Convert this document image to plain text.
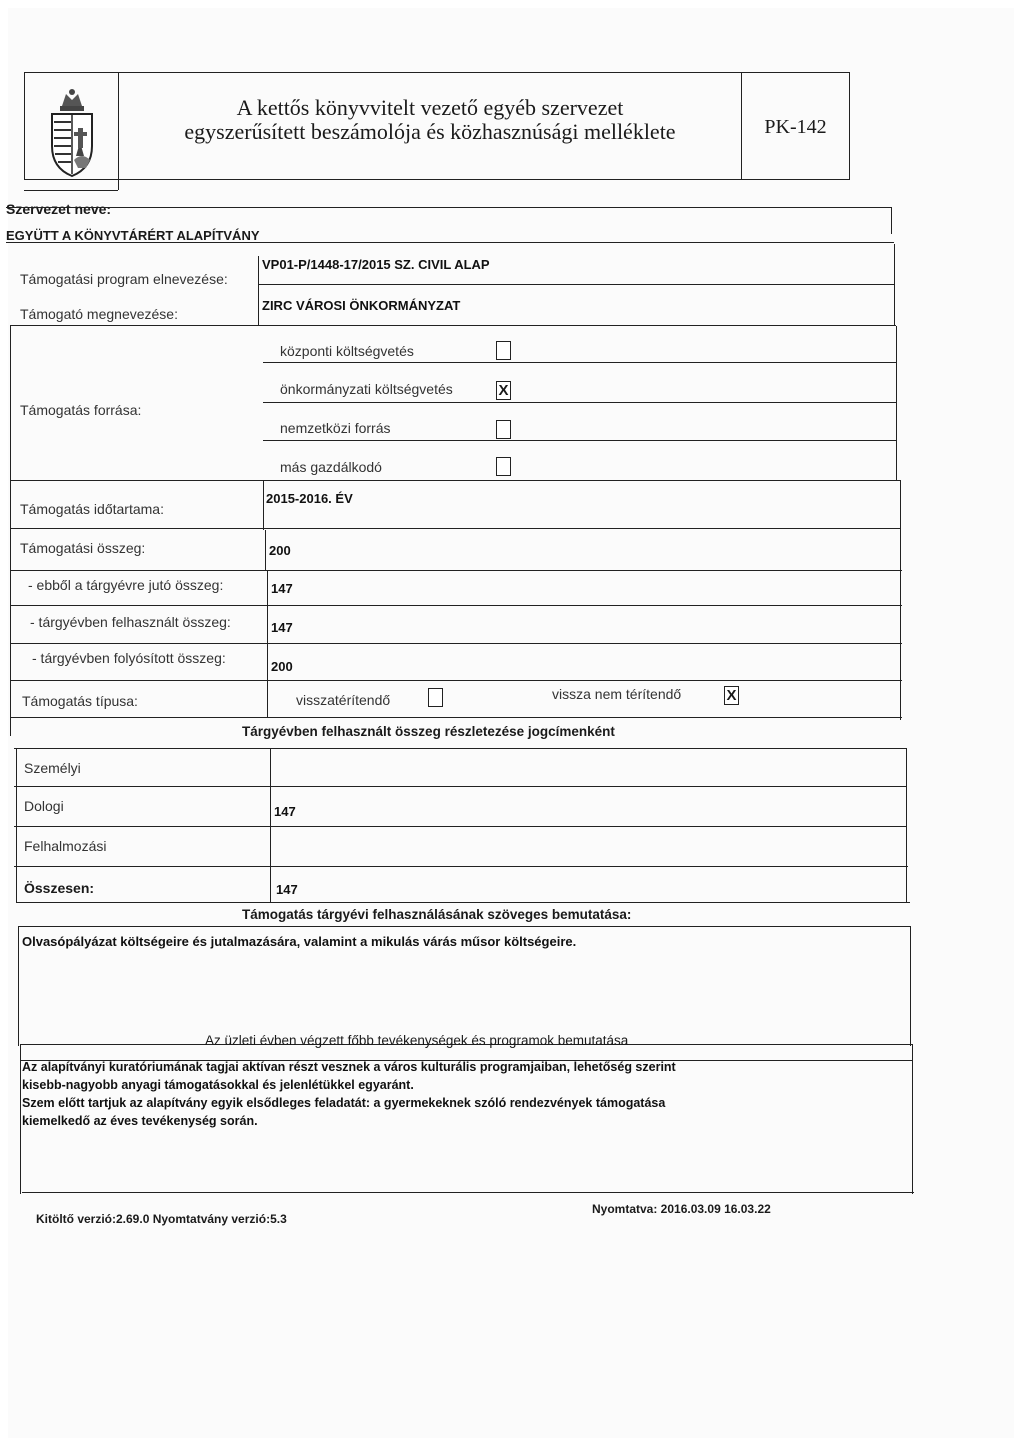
A kettős könyvvitelt vezető egyéb szervezet
egyszerűsített beszámolója és közhasznúsági melléklete	PK-142
Szervezet neve:
EGYÜTT A KÖNYVTÁRÉRT ALAPÍTVÁNY
Támogatási program elnevezése:
VP01-P/1448-17/2015 SZ. CIVIL ALAP
Támogató megnevezése:
ZIRC VÁROSI ÖNKORMÁNYZAT
Támogatás forrása:
központi költségvetés
önkormányzati költségvetés	X
nemzetközi forrás
más gazdálkodó
Támogatás időtartama:
2015-2016. ÉV
Támogatási összeg:	200
- ebből a tárgyévre jutó összeg:	147
- tárgyévben felhasznált összeg:	147
- tárgyévben folyósított összeg:
200
Támogatás típusa:	visszatérítendő	vissza nem térítendő	X
Tárgyévben felhasznált összeg részletezése jogcímenként
Személyi
Dologi	147
Felhalmozási
Összesen:	147
Támogatás tárgyévi felhasználásának szöveges bemutatása:
Olvasópályázat költségeire és jutalmazására, valamint a mikulás várás műsor költségeire.
Az üzleti évben végzett főbb tevékenységek és programok bemutatása
Az alapítványi kuratóriumának tagjai aktívan részt vesznek a város kulturális programjaiban, lehetőség szerint
kisebb-nagyobb anyagi támogatásokkal és jelenlétükkel egyaránt.
Szem előtt tartjuk az alapítvány egyik elsődleges feladatát: a gyermekeknek szóló rendezvények támogatása
kiemelkedő az éves tevékenység során.
Kitöltő verzió:2.69.0 Nyomtatvány verzió:5.3
Nyomtatva: 2016.03.09 16.03.22
